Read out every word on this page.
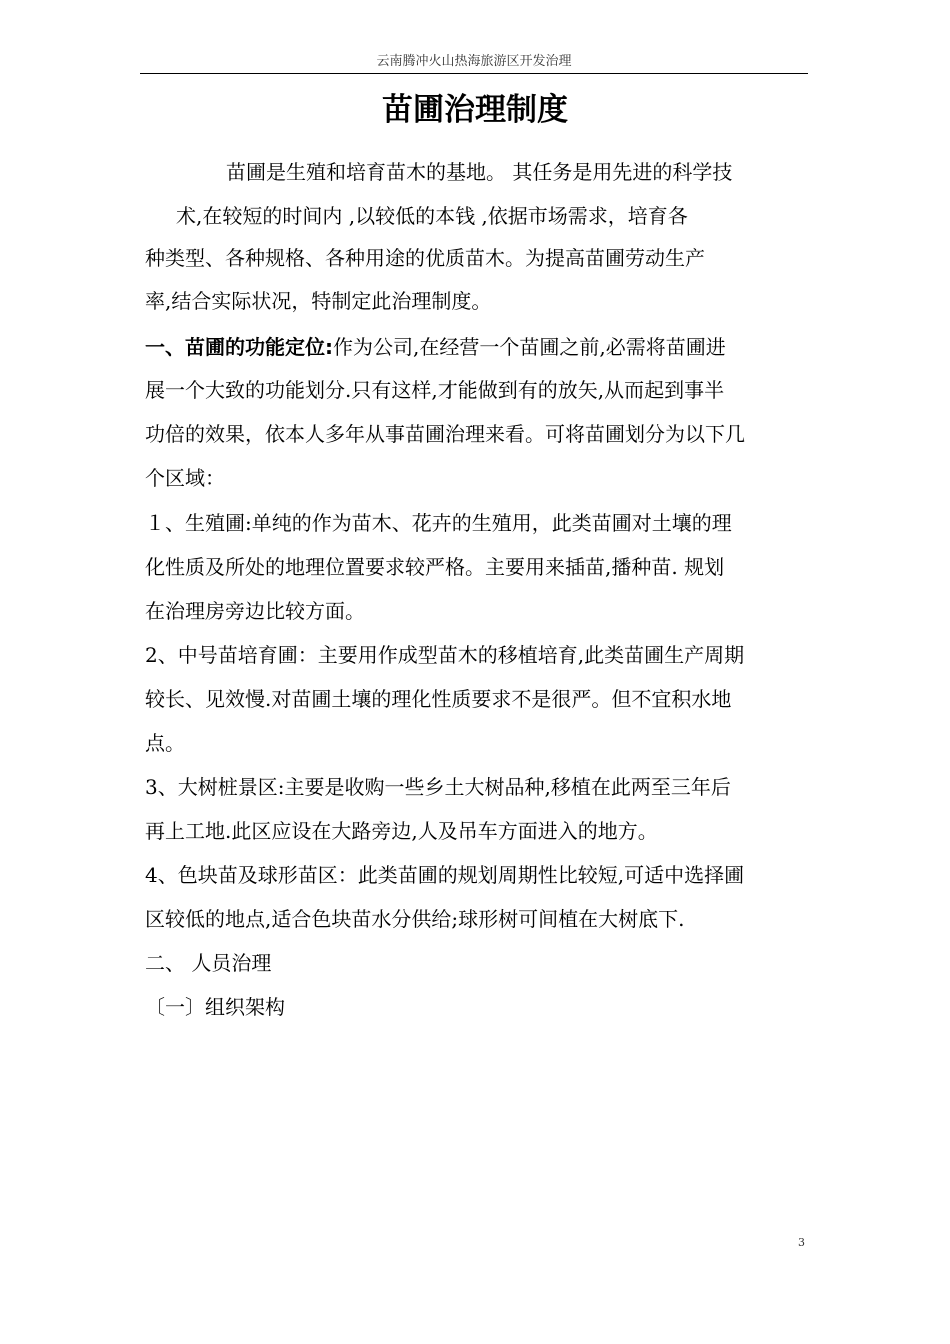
云南腾冲火山热海旅游区开发治理
苗圃治理制度
苗圃是生殖和培育苗木的基地。 其任务是用先进的科学技
术,在较短的时间内 ,以较低的本钱 ,依据市场需求，培育各
种类型、各种规格、各种用途的优质苗木。为提高苗圃劳动生产
率,结合实际状况，特制定此治理制度。
一、苗圃的功能定位:作为公司,在经营一个苗圃之前,必需将苗圃进
展一个大致的功能划分.只有这样,才能做到有的放矢,从而起到事半
功倍的效果，依本人多年从事苗圃治理来看。可将苗圃划分为以下几
个区域：
１、生殖圃:单纯的作为苗木、花卉的生殖用，此类苗圃对土壤的理
化性质及所处的地理位置要求较严格。主要用来插苗,播种苗. 规划
在治理房旁边比较方面。
2、中号苗培育圃：主要用作成型苗木的移植培育,此类苗圃生产周期
较长、见效慢.对苗圃土壤的理化性质要求不是很严。但不宜积水地
点。
3、大树桩景区:主要是收购一些乡土大树品种,移植在此两至三年后
再上工地.此区应设在大路旁边,人及吊车方面进入的地方。
4、色块苗及球形苗区：此类苗圃的规划周期性比较短,可适中选择圃
区较低的地点,适合色块苗水分供给;球形树可间植在大树底下.
二、 人员治理
〔一〕组织架构
3
